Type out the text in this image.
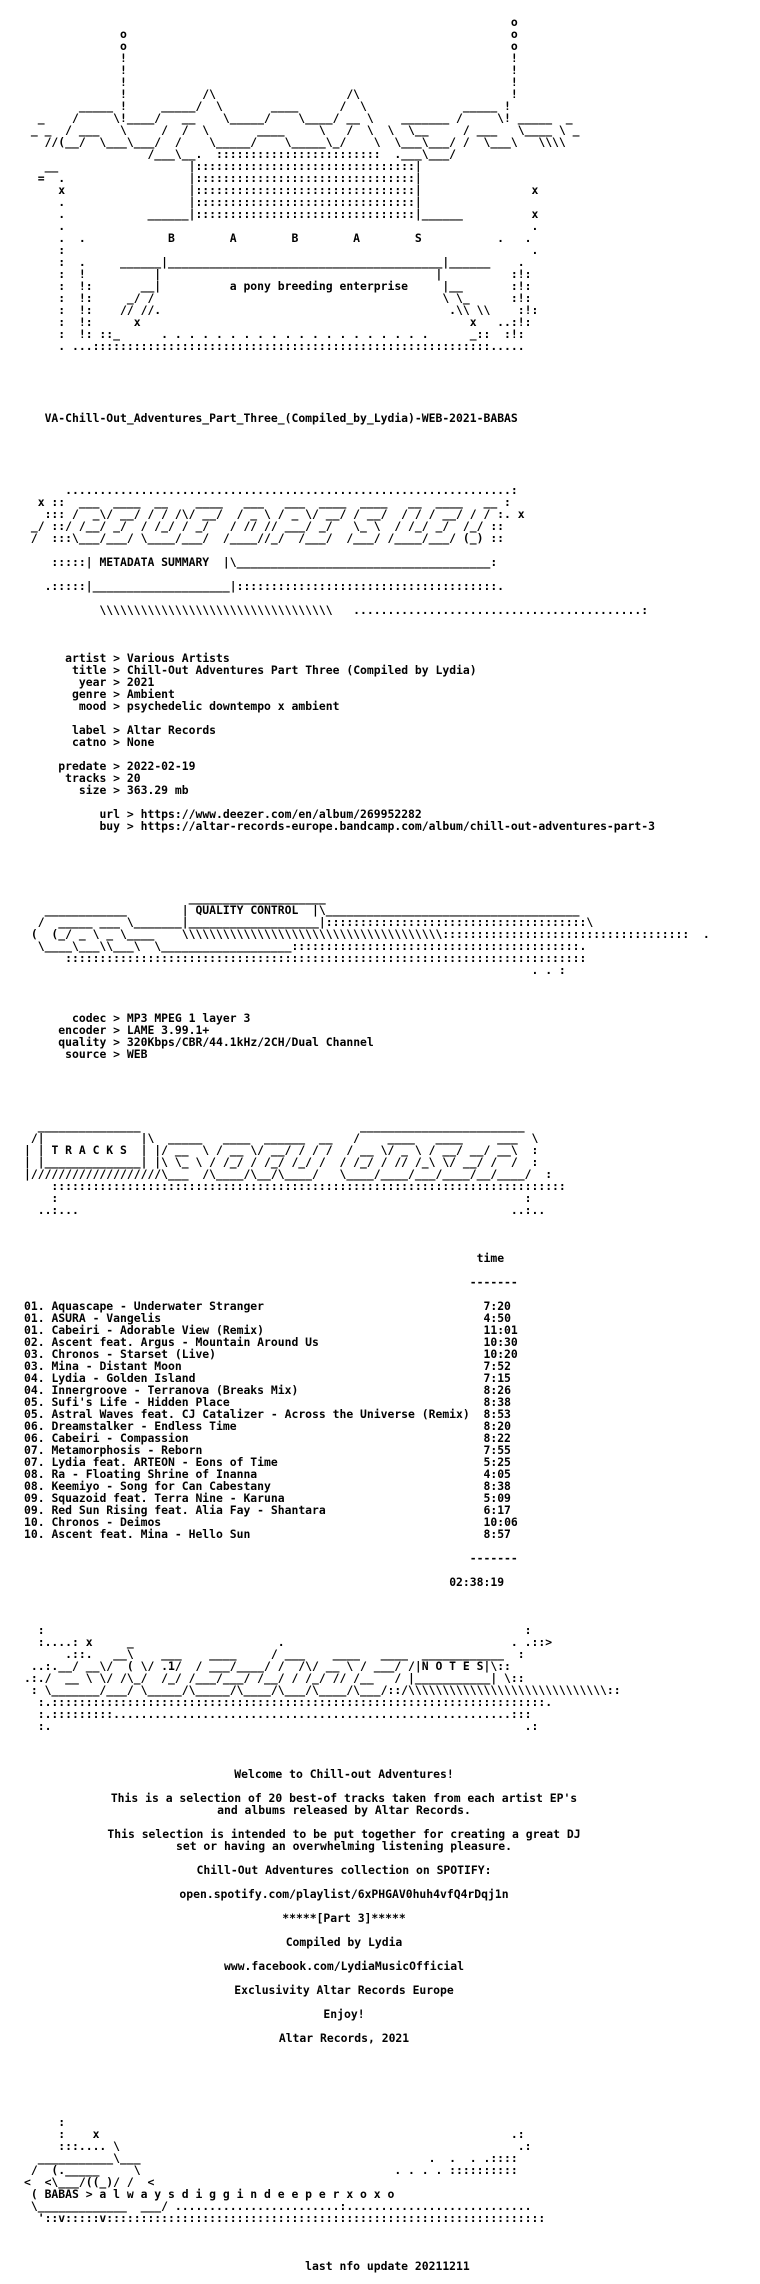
o
o                                                        o
o                                                        o
!                                                        !
!                                                        !
!                                                        !
!           /\                   /\                      !
_____ !     _____/  \       ____      /  \              _____ !
_    /     \!____/   __    \_____/    \____/ __ \    _______ /     \! _____  _
_ _  / ___   \     /  /  \       ____     \   /  \  \  \__     / ___   \____ \ _
//(__/  \___\___/  /    \_____/    \_____\_/    \  \___\___/ /  \___\   \\\\
/___\__.  ::::::::::::::::::::::::  .___\___/
__                   |::::::::::::::::::::::::::::::::|
=  .                  |::::::::::::::::::::::::::::::::|
x                  |::::::::::::::::::::::::::::::::|                x
.                  |::::::::::::::::::::::::::::::::|
.            ______|::::::::::::::::::::::::::::::::|______          x
.                                                                    .
.  .            B        A        B        A        S           .   .
:                                                                    .
:  .     ______|________________________________________|______    .
:  !          |                                        |          :!:
:  !:       __|          a pony breeding enterprise     |__       :!:
:  !:     _/ /                                          \ \_      :!:
:  !:    // //.                                          .\\ \\    :!:
:  !:      x                                                x   ..:!:
:  !: ::_      . . . . . . . . . . . . . . . . . . . .      _::  :!:
. ...::::::::::::::::::::::::::::::::::::::::::::::::::::::::::.....

VA-Chill-Out_Adventures_Part_Three_(Compiled_by_Lydia)-WEB-2021-BABAS

.................................................................:
x ::  ___  ____  __    ____   ___   ___  ____  ____   __  ____   __ :
::: /  _\/ __/ / / /\/ __/  / _ \ / _ \/ __/ / __/  / / / __/ / / :. x
_/ ::/ /__/ _/  / /_/ / _/   / // // ___/ _/   \_ \  / /_/ _/  /_/ ::
/  :::\___/___/ \____/___/  /____//_/  /___/  /___/ /____/___/ (_) ::

:::::| METADATA SUMMARY  |\_____________________________________:

.:::::|____________________|::::::::::::::::::::::::::::::::::::::.

\\\\\\\\\\\\\\\\\\\\\\\\\\\\\\\\\\   ..........................................:

artist > Various Artists
title > Chill-Out Adventures Part Three (Compiled by Lydia)
year > 2021
genre > Ambient
mood > psychedelic downtempo x ambient

label > Altar Records
catno > None

predate > 2022-02-19
tracks > 20
size > 363.29 mb

url > https://www.deezer.com/en/album/269952282
buy > https://altar-records-europe.bandcamp.com/album/chill-out-adventures-part-3

____________________
____________        | QUALITY CONTROL  |\_____________________________________
/  _____ ___ \_______|___________________|::::::::::::::::::::::::::::::::::::::\
(  (_/ _ \ _ \____    \\\\\\\\\\\\\\\\\\\\\\\\\\\\\\\\\\\\\\::::::::::::::::::::::::::::::::::::  .
\____\___\\___\  \___________________::::::::::::::::::::::::::::::::::::::::::.
::::::::::::::::::::::::::::::::::::::::::::::::::::::::::::::::::::::::::::
. . :

codec > MP3 MPEG 1 layer 3
encoder > LAME 3.99.1+
quality > 320Kbps/CBR/44.1kHz/2CH/Dual Channel
source > WEB

_______________                                ________________________
/|              |\  _____   ____  ______  __   /    ____   ____     ___  \
| | T R A C K S  | |/ __  \ / __ \/ __/ / / /  / __ \/ _ \ / __/ __/ __\  :
| |______________| |\ \_ \ / /_/ / /_/ /_/ /  / /_/ / // /_\ \/ __/ /  /  :
|///////////////////\___  /\____/\__/\____/   \____/____/___/____/__/____/  :
:::::::::::::::::::::::::::::::::::::::::::::::::::::::::::::::::::::::::::
:                                                                    :
..:...                                                               ..:..

time

-------

01. Aquascape - Underwater Stranger	7:20
01. ASURA - Vangelis	4:50
01. Cabeiri - Adorable View (Remix)	11:01
02. Ascent feat. Argus - Mountain Around Us	10:30
03. Chronos - Starset (Live)	10:20
03. Mina - Distant Moon	7:52
04. Lydia - Golden Island	7:15
04. Innergroove - Terranova (Breaks Mix)	8:26
05. Sufi's Life - Hidden Place	8:38
05. Astral Waves feat. CJ Catalizer - Across the Universe (Remix) 8:53
06. Dreamstalker - Endless Time	8:20
06. Cabeiri - Compassion	8:22
07. Metamorphosis - Reborn	7:55
07. Lydia feat. ARTEON - Eons of Time	5:25
08. Ra - Floating Shrine of Inanna	4:05
08. Keemiyo - Song for Can Cabestany	8:38
09. Squazoid feat. Terra Nine - Karuna	5:09
09. Red Sun Rising feat. Alia Fay - Shantara	6:17
10. Chronos - Deimos	10:06
10. Ascent feat. Mina - Hello Sun	8:57

-------

02:38:19

:                                                                      :
:....: x     _                     .                                 . .::>
.::.   __\    ___    ____     / ___    ____   ____  ____________  :
..:.__/ __\/  ( \/ .1/  / ___/____/ /  /\/ __ \ / ___/ /|N O T E S|\::
.:./  __ \ \/ /\_/  /_/ /___/___/ /__/ / /_/ // /__   / |___________| \::
: \_______/___/ \_____/\_____/\____/\___/\____/\___/::/\\\\\\\\\\\\\\\\\\\\\\\\\\\\\::
:.::::::::::::::::::::::::::::::::::::::::::::::::::::::::::::::::::::::::.
:.:::::::::..........................................................:::
:.                                                                     .:

Welcome to Chill-out Adventures!

This is a selection of 20 best-of tracks taken from each artist EP's
and albums released by Altar Records.

This selection is intended to be put together for creating a great DJ
set or having an overwhelming listening pleasure.

Chill-Out Adventures collection on SPOTIFY:

open.spotify.com/playlist/6xPHGAV0huh4vfQ4rDqj1n

*****[Part 3]*****

Compiled by Lydia

www.facebook.com/LydiaMusicOfficial

Exclusivity Altar Records Europe

Enjoy!

Altar Records, 2021

:
:    x                                                            .:
:::.... \                                                          .:
___________\___                                          .  .  . .::::
/  (._____     \                                     . . . . ::::::::::
<  <\___/((_)/ /  <
( BABAS > a l w a y s d i g g i n d e e p e r x o x o

\_____________  ___/ ........................:...........................
'::v:::::v::::::::::::::::::::::::::::::::::::::::::::::::::::::::::::::::

last nfo update 20211211
